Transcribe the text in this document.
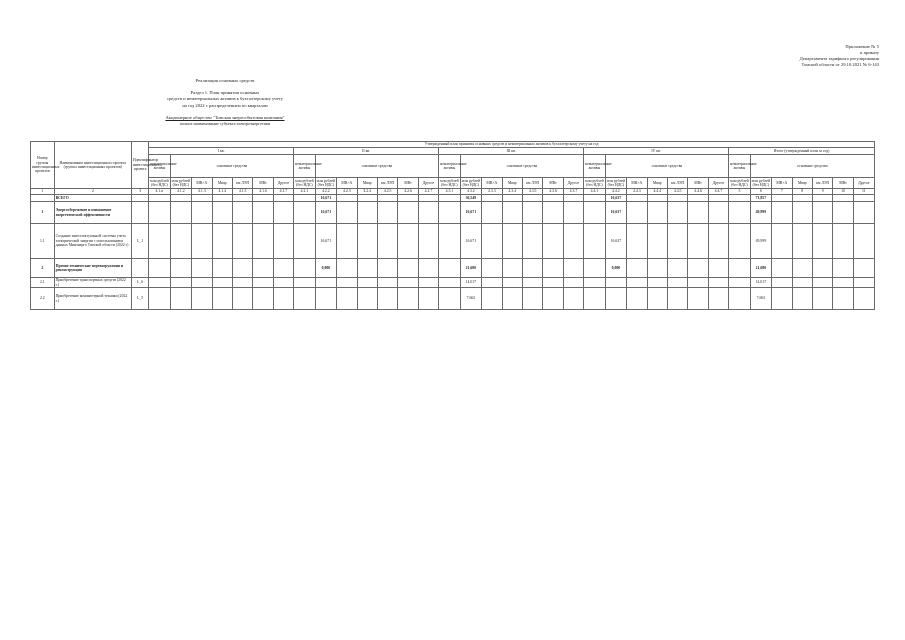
Приложение № 5
к приказу
Департамента тарифного регулирования
Томской области от 29.10.2021 № 6-143
Реализация основных средств
Раздел 1. План принятия основных
средств и нематериальных активов к бухгалтерскому учету
на год 2022 с распределением по кварталам
Акционерное общество "Томская энергосбытовая компания"
полное наименование субъекта электроэнергетики
Номер группы инвестиционных проектов	Наименование инвестиционного проекта (группы инвестиционных проектов)	Идентификатор инвестиционного проекта	Утвержденный план принятия основных средств и нематериальных активов к бухгалтерскому учету на год																																		
			I кв.							II кв.							III кв.							IV кв.							Итого (утвержденный план за год)						
			нематериальные активы	основные средства						нематериальные активы	основные средства						нематериальные активы	основные средства						нематериальные активы	основные средства						нематериальные активы	основные средства					
			млн рублей (без НДС)	млн рублей (без НДС)	МВ×А	Мвар	км ЛЭП	МВт	Другое	млн рублей (без НДС)	млн рублей (без НДС)	МВ×А	Мвар	км ЛЭП	МВт	Другое	млн рублей (без НДС)	млн рублей (без НДС)	МВ×А	Мвар	км ЛЭП	МВт	Другое	млн рублей (без НДС)	млн рублей (без НДС)	МВ×А	Мвар	км ЛЭП	МВт	Другое	млн рублей (без НДС)	млн рублей (без НДС)	МВ×А	Мвар	км ЛЭП	МВт	Другое
1	2	3	4.1.п	4.1.2	4.1.3	4.1.4	4.1.5	4.1.6	4.1.7	4.2.1	4.2.2	4.2.3	4.2.4	4.2.5	4.2.6	4.2.7	4.3.1	4.3.2	4.3.3	4.3.4	4.3.5	4.3.6	4.3.7	4.4.1	4.4.2	4.4.3	4.4.4	4.4.5	4.4.6	4.4.7	5	6	7	8	9	10	11
	ВСЕГО										16,671							36,549							16,637							71,857					
1	Энергосбережение и повышение энергетической эффективности										16,671							16,671							16,637							49,999					
1.1	Создание интеллектуальной системы учета электрической энергии с использованием данных Минэнерго Томской области (2022 г)	L_1									16,671							16,671							16,637							49,999					
2	Прочие технические перевооружения и реконструкция										0,000							21,680							0,000							21,680					
2.1	Приобретение транспортных средств (2022 г.)	L_6																14,017														14,017					
2.2	Приобретение компьютерной техники (2022 г.)	L_5																7,663														7,663					
